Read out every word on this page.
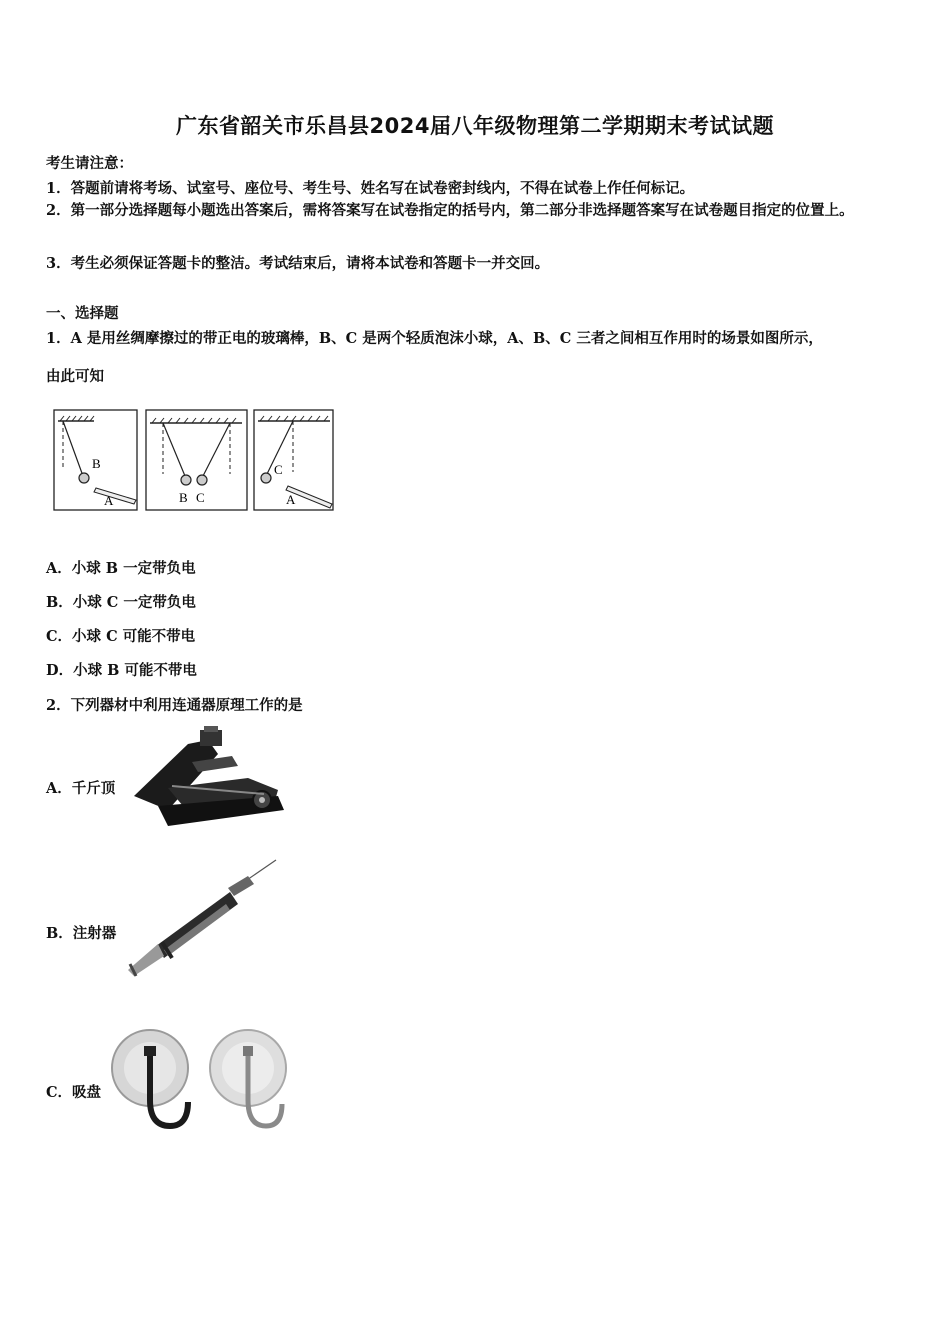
广东省韶关市乐昌县2024届八年级物理第二学期期末考试试题
考生请注意：
1．答题前请将考场、试室号、座位号、考生号、姓名写在试卷密封线内，不得在试卷上作任何标记。
2．第一部分选择题每小题选出答案后，需将答案写在试卷指定的括号内，第二部分非选择题答案写在试卷题目指定的位置上。
3．考生必须保证答题卡的整洁。考试结束后，请将本试卷和答题卡一并交回。
一、选择题
1．A 是用丝绸摩擦过的带正电的玻璃棒，B、C 是两个轻质泡沫小球，A、B、C 三者之间相互作用时的场景如图所示，
由此可知
B
A	B C
C
A
A．小球 B 一定带负电
B．小球 C 一定带负电
C．小球 C 可能不带电
D．小球 B 可能不带电
2．下列器材中利用连通器原理工作的是
A．千斤顶
B．注射器
C．吸盘
